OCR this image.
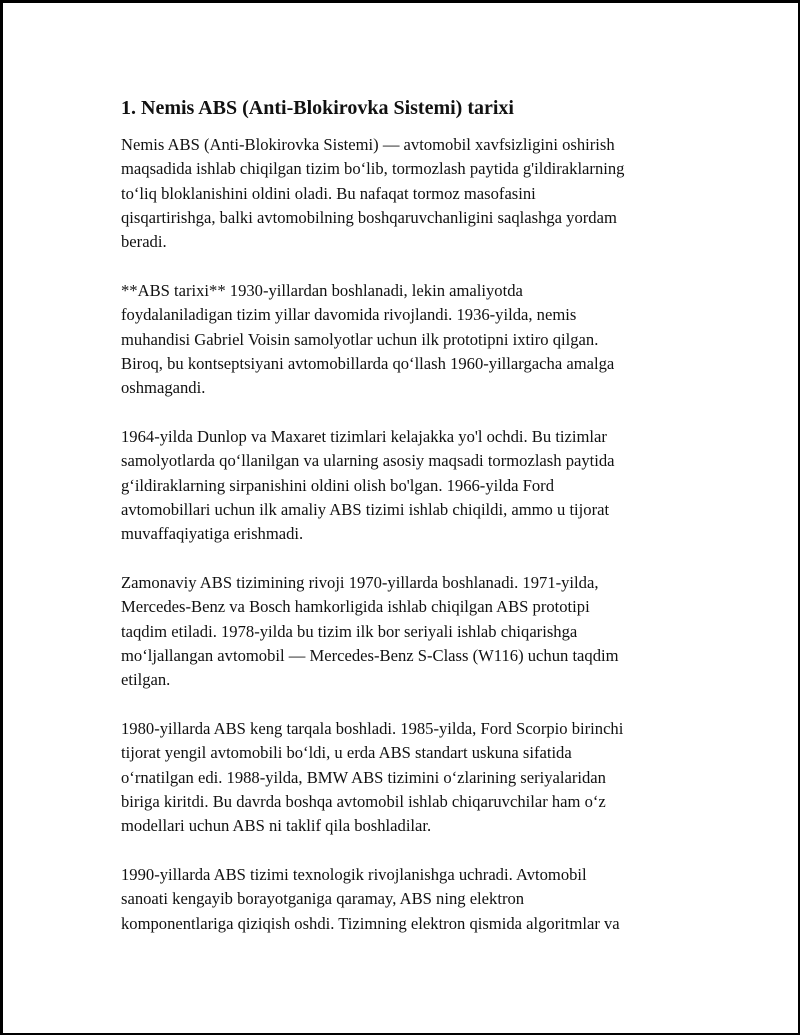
1. Nemis ABS (Anti-Blokirovka Sistemi) tarixi

Nemis ABS (Anti-Blokirovka Sistemi) — avtomobil xavfsizligini oshirish
maqsadida ishlab chiqilgan tizim bo‘lib, tormozlash paytida g'ildiraklarning
to‘liq bloklanishini oldini oladi. Bu nafaqat tormoz masofasini
qisqartirishga, balki avtomobilning boshqaruvchanligini saqlashga yordam
beradi.

**ABS tarixi** 1930-yillardan boshlanadi, lekin amaliyotda
foydalaniladigan tizim yillar davomida rivojlandi. 1936-yilda, nemis
muhandisi Gabriel Voisin samolyotlar uchun ilk prototipni ixtiro qilgan.
Biroq, bu kontseptsiyani avtomobillarda qo‘llash 1960-yillargacha amalga
oshmagandi.

1964-yilda Dunlop va Maxaret tizimlari kelajakka yo'l ochdi. Bu tizimlar
samolyotlarda qo‘llanilgan va ularning asosiy maqsadi tormozlash paytida
g‘ildiraklarning sirpanishini oldini olish bo'lgan. 1966-yilda Ford
avtomobillari uchun ilk amaliy ABS tizimi ishlab chiqildi, ammo u tijorat
muvaffaqiyatiga erishmadi.

Zamonaviy ABS tizimining rivoji 1970-yillarda boshlanadi. 1971-yilda,
Mercedes-Benz va Bosch hamkorligida ishlab chiqilgan ABS prototipi
taqdim etiladi. 1978-yilda bu tizim ilk bor seriyali ishlab chiqarishga
mo‘ljallangan avtomobil — Mercedes-Benz S-Class (W116) uchun taqdim
etilgan.

1980-yillarda ABS keng tarqala boshladi. 1985-yilda, Ford Scorpio birinchi
tijorat yengil avtomobili bo‘ldi, u erda ABS standart uskuna sifatida
o‘rnatilgan edi. 1988-yilda, BMW ABS tizimini o‘zlarining seriyalaridan
biriga kiritdi. Bu davrda boshqa avtomobil ishlab chiqaruvchilar ham o‘z
modellari uchun ABS ni taklif qila boshladilar.

1990-yillarda ABS tizimi texnologik rivojlanishga uchradi. Avtomobil
sanoati kengayib borayotganiga qaramay, ABS ning elektron
komponentlariga qiziqish oshdi. Tizimning elektron qismida algoritmlar va
